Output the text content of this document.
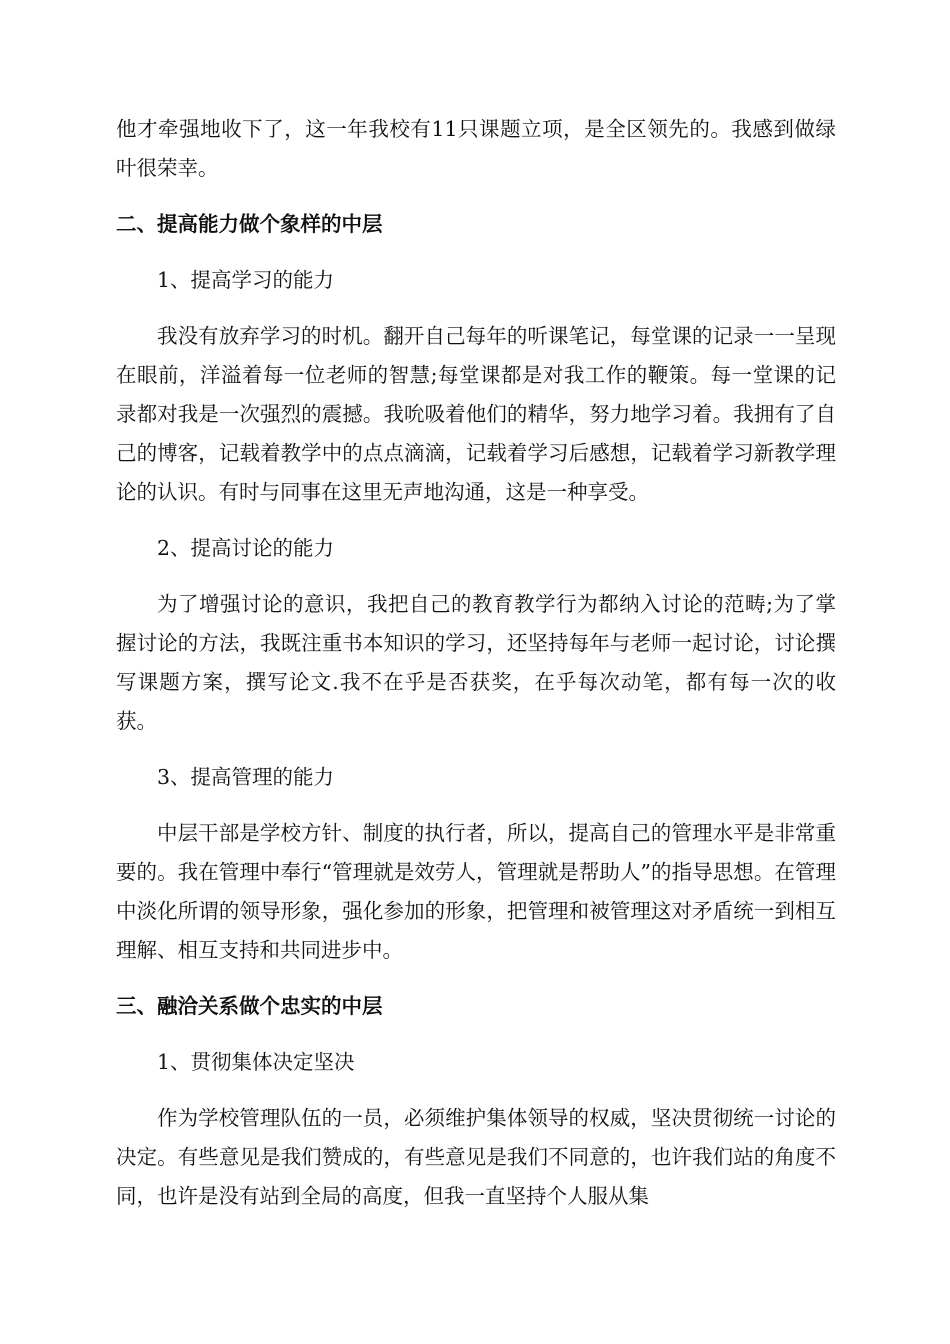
他才牵强地收下了，这一年我校有11只课题立项，是全区领先的。我感到做绿叶很荣幸。

二、提高能力做个象样的中层

1、提高学习的能力

我没有放弃学习的时机。翻开自己每年的听课笔记，每堂课的记录一一呈现在眼前，洋溢着每一位老师的智慧;每堂课都是对我工作的鞭策。每一堂课的记录都对我是一次强烈的震撼。我吮吸着他们的精华，努力地学习着。我拥有了自己的博客，记载着教学中的点点滴滴，记载着学习后感想，记载着学习新教学理论的认识。有时与同事在这里无声地沟通，这是一种享受。

2、提高讨论的能力

为了增强讨论的意识，我把自己的教育教学行为都纳入讨论的范畴;为了掌握讨论的方法，我既注重书本知识的学习，还坚持每年与老师一起讨论，讨论撰写课题方案，撰写论文.我不在乎是否获奖，在乎每次动笔，都有每一次的收获。

3、提高管理的能力

中层干部是学校方针、制度的执行者，所以，提高自己的管理水平是非常重要的。我在管理中奉行“管理就是效劳人，管理就是帮助人”的指导思想。在管理中淡化所谓的领导形象，强化参加的形象，把管理和被管理这对矛盾统一到相互理解、相互支持和共同进步中。

三、融洽关系做个忠实的中层

1、贯彻集体决定坚决

作为学校管理队伍的一员，必须维护集体领导的权威，坚决贯彻统一讨论的决定。有些意见是我们赞成的，有些意见是我们不同意的，也许我们站的角度不同，也许是没有站到全局的高度，但我一直坚持个人服从集
